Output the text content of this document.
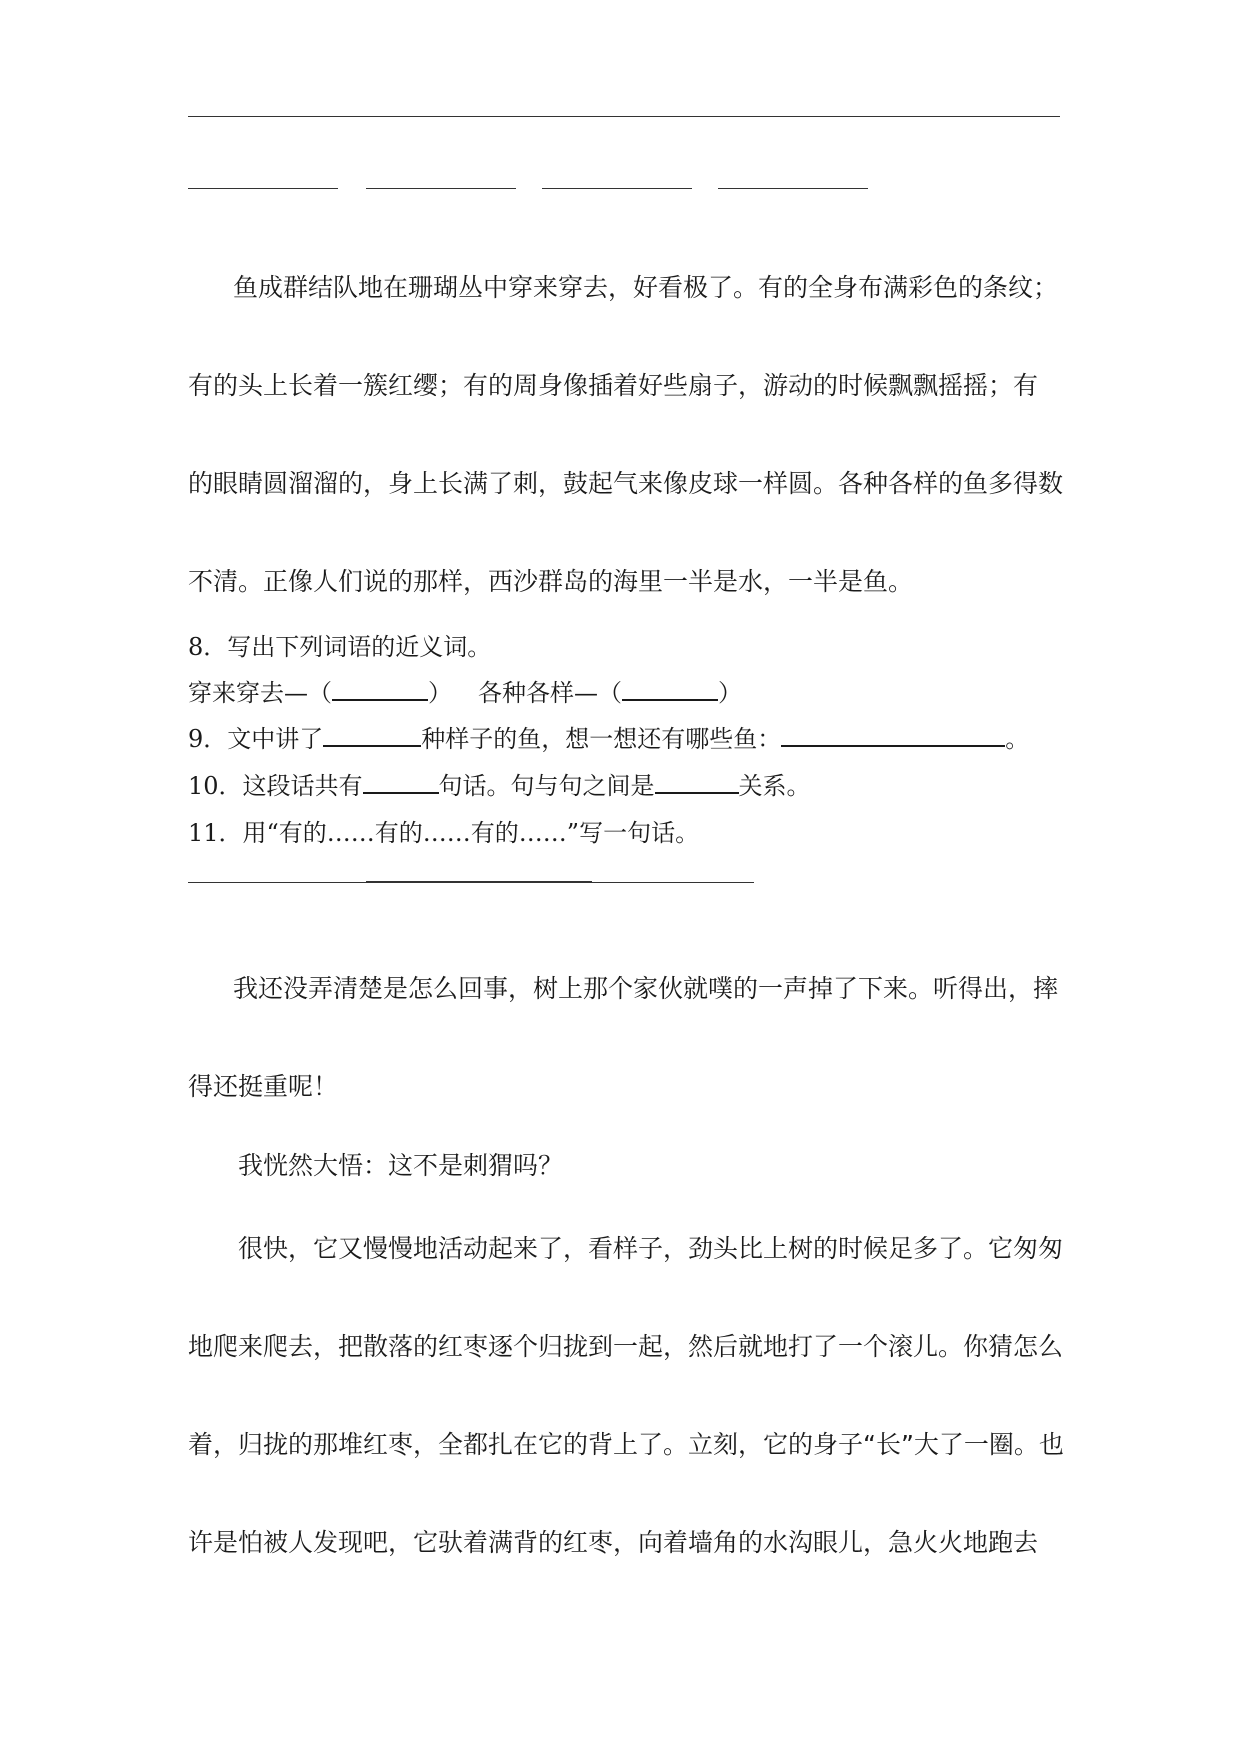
鱼成群结队地在珊瑚丛中穿来穿去，好看极了。有的全身布满彩色的条纹；
有的头上长着一簇红缨；有的周身像插着好些扇子，游动的时候飘飘摇摇；有
的眼睛圆溜溜的，身上长满了刺，鼓起气来像皮球一样圆。各种各样的鱼多得数
不清。正像人们说的那样，西沙群岛的海里一半是水，一半是鱼。
8．写出下列词语的近义词。
穿来穿去—（	） 各种各样—（	）
9．文中讲了	种样子的鱼，想一想还有哪些鱼：	。
10．这段话共有	句话。句与句之间是	关系。
11．用“有的……有的……有的……”写一句话。
我还没弄清楚是怎么回事，树上那个家伙就噗的一声掉了下来。听得出，摔
得还挺重呢！
我恍然大悟：这不是刺猬吗？
很快，它又慢慢地活动起来了，看样子，劲头比上树的时候足多了。它匆匆
地爬来爬去，把散落的红枣逐个归拢到一起，然后就地打了一个滚儿。你猜怎么
着，归拢的那堆红枣，全都扎在它的背上了。立刻，它的身子“长”大了一圈。也
许是怕被人发现吧，它驮着满背的红枣，向着墙角的水沟眼儿，急火火地跑去
